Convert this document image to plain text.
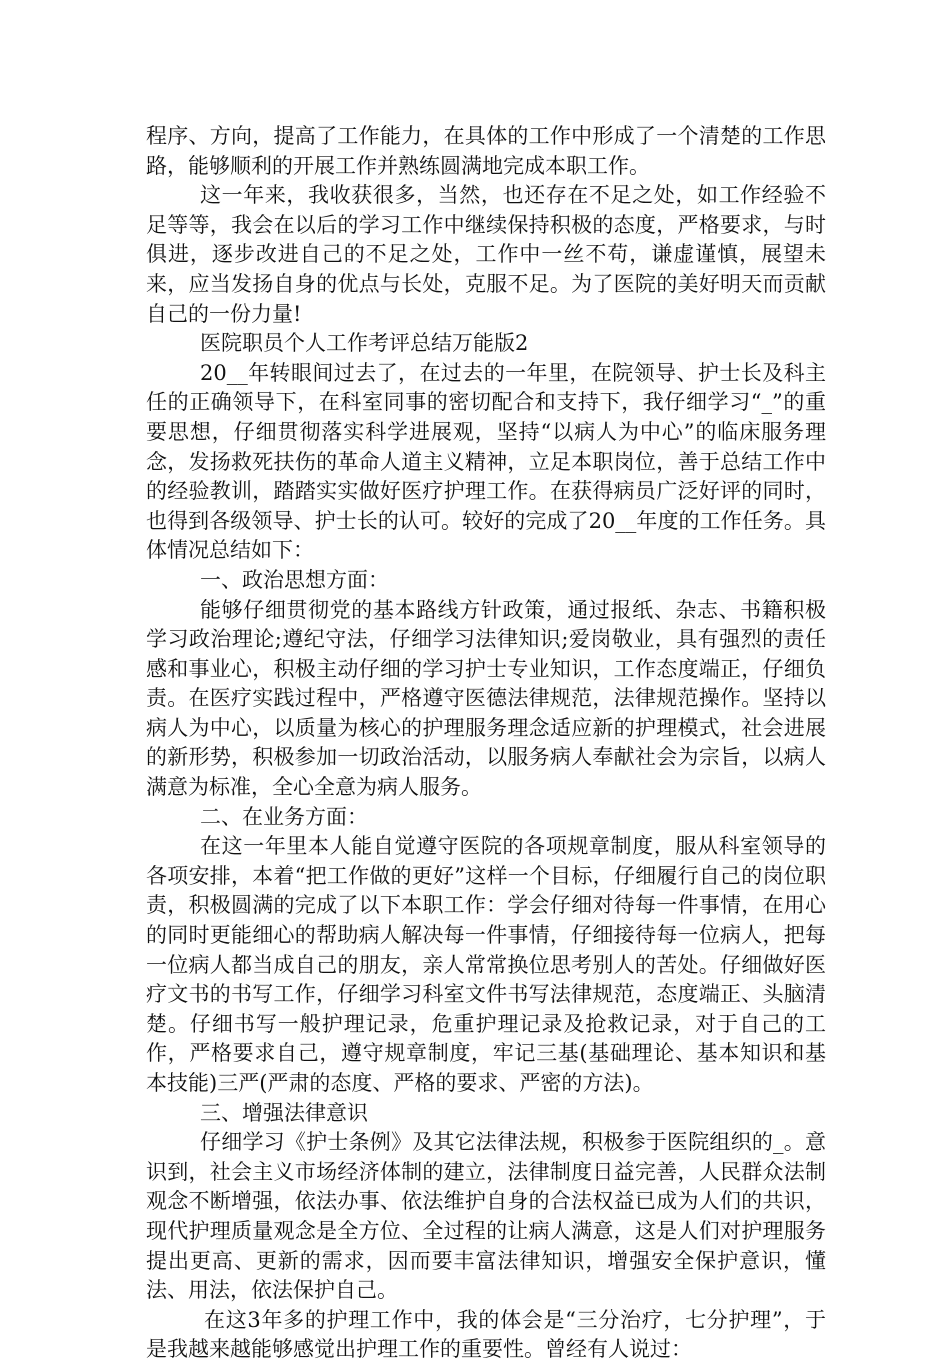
程序、方向，提高了工作能力，在具体的工作中形成了一个清楚的工作思路，能够顺利的开展工作并熟练圆满地完成本职工作。

这一年来，我收获很多，当然，也还存在不足之处，如工作经验不足等等，我会在以后的学习工作中继续保持积极的态度，严格要求，与时俱进，逐步改进自己的不足之处，工作中一丝不苟，谦虚谨慎，展望未来，应当发扬自身的优点与长处，克服不足。为了医院的美好明天而贡献自己的一份力量!

医院职员个人工作考评总结万能版2

20__年转眼间过去了，在过去的一年里，在院领导、护士长及科主任的正确领导下，在科室同事的密切配合和支持下，我仔细学习“_”的重要思想，仔细贯彻落实科学进展观，坚持“以病人为中心”的临床服务理念，发扬救死扶伤的革命人道主义精神，立足本职岗位，善于总结工作中的经验教训，踏踏实实做好医疗护理工作。在获得病员广泛好评的同时，也得到各级领导、护士长的认可。较好的完成了20__年度的工作任务。具体情况总结如下：

一、政治思想方面：

能够仔细贯彻党的基本路线方针政策，通过报纸、杂志、书籍积极学习政治理论;遵纪守法，仔细学习法律知识;爱岗敬业，具有强烈的责任感和事业心，积极主动仔细的学习护士专业知识，工作态度端正，仔细负责。在医疗实践过程中，严格遵守医德法律规范，法律规范操作。坚持以病人为中心，以质量为核心的护理服务理念适应新的护理模式，社会进展的新形势，积极参加一切政治活动，以服务病人奉献社会为宗旨，以病人满意为标准，全心全意为病人服务。

二、在业务方面：

在这一年里本人能自觉遵守医院的各项规章制度，服从科室领导的各项安排，本着“把工作做的更好”这样一个目标，仔细履行自己的岗位职责，积极圆满的完成了以下本职工作：学会仔细对待每一件事情，在用心的同时更能细心的帮助病人解决每一件事情，仔细接待每一位病人，把每一位病人都当成自己的朋友，亲人常常换位思考别人的苦处。仔细做好医疗文书的书写工作，仔细学习科室文件书写法律规范，态度端正、头脑清楚。仔细书写一般护理记录，危重护理记录及抢救记录，对于自己的工作，严格要求自己，遵守规章制度，牢记三基(基础理论、基本知识和基本技能)三严(严肃的态度、严格的要求、严密的方法)。

三、增强法律意识

仔细学习《护士条例》及其它法律法规，积极参于医院组织的_。意识到，社会主义市场经济体制的建立，法律制度日益完善，人民群众法制观念不断增强，依法办事、依法维护自身的合法权益已成为人们的共识，现代护理质量观念是全方位、全过程的让病人满意，这是人们对护理服务提出更高、更新的需求，因而要丰富法律知识，增强安全保护意识，懂法、用法，依法保护自己。

在这3年多的护理工作中，我的体会是“三分治疗，七分护理”，于是我越来越能够感觉出护理工作的重要性。曾经有人说过：
